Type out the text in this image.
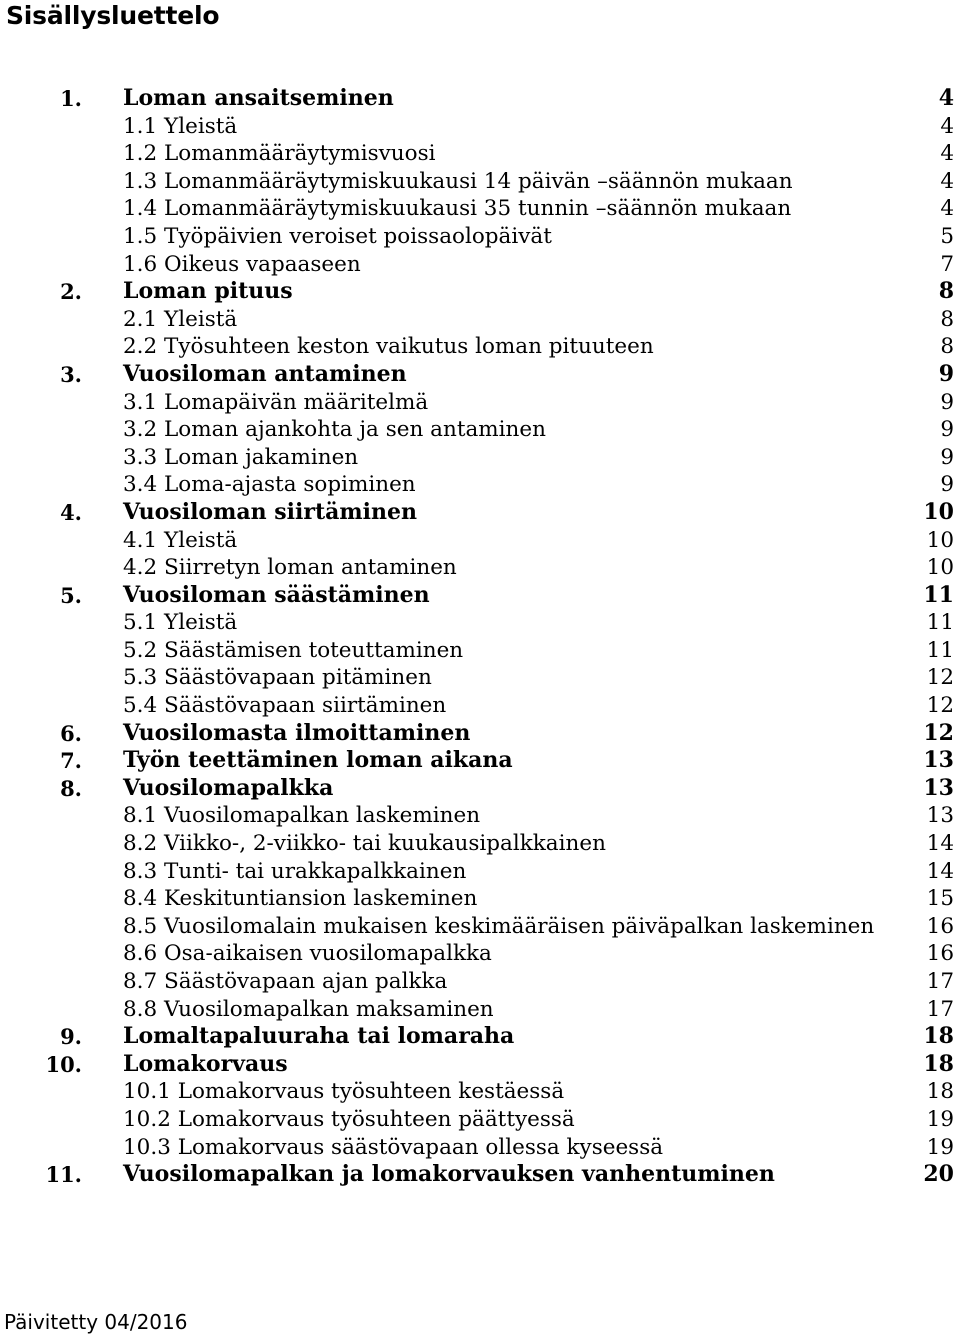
Sisällysluettelo
1. Loman ansaitseminen	4
1.1 Yleistä	4
1.2 Lomanmääräytymisvuosi	4
1.3 Lomanmääräytymiskuukausi 14 päivän –säännön mukaan	4
1.4 Lomanmääräytymiskuukausi 35 tunnin –säännön mukaan	4
1.5 Työpäivien veroiset poissaolopäivät	5
1.6 Oikeus vapaaseen	7
2. Loman pituus	8
2.1 Yleistä	8
2.2 Työsuhteen keston vaikutus loman pituuteen	8
3. Vuosiloman antaminen	9
3.1 Lomapäivän määritelmä	9
3.2 Loman ajankohta ja sen antaminen	9
3.3 Loman jakaminen	9
3.4 Loma-ajasta sopiminen	9
4. Vuosiloman siirtäminen	10
4.1 Yleistä	10
4.2 Siirretyn loman antaminen	10
5. Vuosiloman säästäminen	11
5.1 Yleistä	11
5.2 Säästämisen toteuttaminen	11
5.3 Säästövapaan pitäminen	12
5.4 Säästövapaan siirtäminen	12
6. Vuosilomasta ilmoittaminen	12
7. Työn teettäminen loman aikana	13
8. Vuosilomapalkka	13
8.1 Vuosilomapalkan laskeminen	13
8.2 Viikko-, 2-viikko- tai kuukausipalkkainen	14
8.3 Tunti- tai urakkapalkkainen	14
8.4 Keskituntiansion laskeminen	15
8.5 Vuosilomalain mukaisen keskimääräisen päiväpalkan laskeminen 16
8.6 Osa-aikaisen vuosilomapalkka	16
8.7 Säästövapaan ajan palkka	17
8.8 Vuosilomapalkan maksaminen	17
9. Lomaltapaluuraha tai lomaraha	18
10. Lomakorvaus	18
10.1 Lomakorvaus työsuhteen kestäessä	18
10.2 Lomakorvaus työsuhteen päättyessä	19
10.3 Lomakorvaus säästövapaan ollessa kyseessä	19
11. Vuosilomapalkan ja lomakorvauksen vanhentuminen	20
Päivitetty 04/2016
